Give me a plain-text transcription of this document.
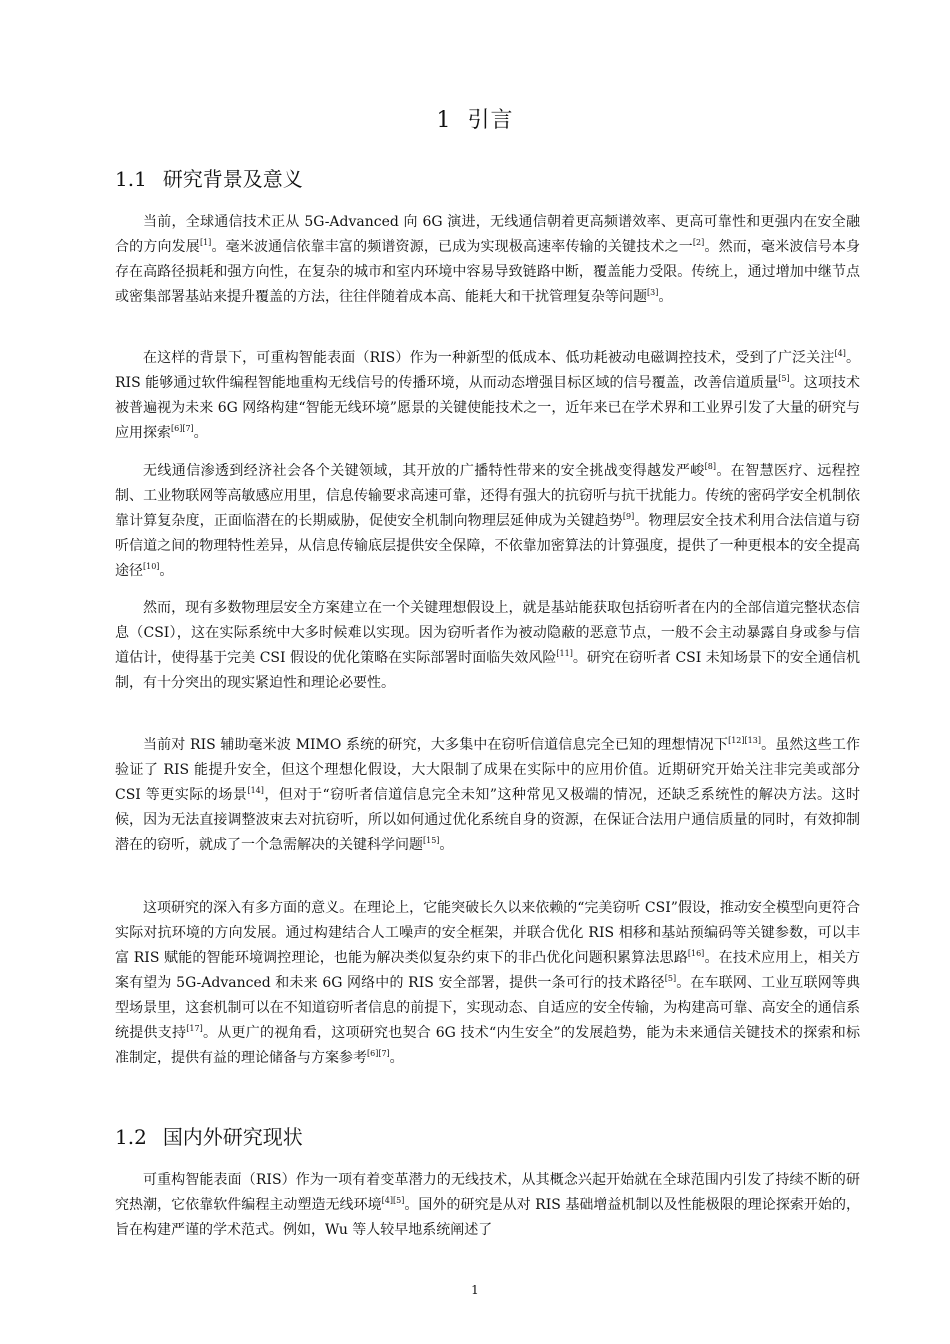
1 引言
1.1 研究背景及意义

当前，全球通信技术正从 5G-Advanced 向 6G 演进，无线通信朝着更高频谱效率、更高可靠性和更强内在安全融合的方向发展[1]。毫米波通信依靠丰富的频谱资源，已成为实现极高速率传输的关键技术之一[2]。然而，毫米波信号本身存在高路径损耗和强方向性，在复杂的城市和室内环境中容易导致链路中断，覆盖能力受限。传统上，通过增加中继节点或密集部署基站来提升覆盖的方法，往往伴随着成本高、能耗大和干扰管理复杂等问题[3]。

在这样的背景下，可重构智能表面（RIS）作为一种新型的低成本、低功耗被动电磁调控技术，受到了广泛关注[4]。RIS 能够通过软件编程智能地重构无线信号的传播环境，从而动态增强目标区域的信号覆盖，改善信道质量[5]。这项技术被普遍视为未来 6G 网络构建“智能无线环境”愿景的关键使能技术之一，近年来已在学术界和工业界引发了大量的研究与应用探索[6][7]。

无线通信渗透到经济社会各个关键领域，其开放的广播特性带来的安全挑战变得越发严峻[8]。在智慧医疗、远程控制、工业物联网等高敏感应用里，信息传输要求高速可靠，还得有强大的抗窃听与抗干扰能力。传统的密码学安全机制依靠计算复杂度，正面临潜在的长期威胁，促使安全机制向物理层延伸成为关键趋势[9]。物理层安全技术利用合法信道与窃听信道之间的物理特性差异，从信息传输底层提供安全保障，不依靠加密算法的计算强度，提供了一种更根本的安全提高途径[10]。

然而，现有多数物理层安全方案建立在一个关键理想假设上，就是基站能获取包括窃听者在内的全部信道完整状态信息（CSI），这在实际系统中大多时候难以实现。因为窃听者作为被动隐蔽的恶意节点，一般不会主动暴露自身或参与信道估计，使得基于完美 CSI 假设的优化策略在实际部署时面临失效风险[11]。研究在窃听者 CSI 未知场景下的安全通信机制，有十分突出的现实紧迫性和理论必要性。

当前对 RIS 辅助毫米波 MIMO 系统的研究，大多集中在窃听信道信息完全已知的理想情况下[12][13]。虽然这些工作验证了 RIS 能提升安全，但这个理想化假设，大大限制了成果在实际中的应用价值。近期研究开始关注非完美或部分 CSI 等更实际的场景[14]，但对于“窃听者信道信息完全未知”这种常见又极端的情况，还缺乏系统性的解决方法。这时候，因为无法直接调整波束去对抗窃听，所以如何通过优化系统自身的资源，在保证合法用户通信质量的同时，有效抑制潜在的窃听，就成了一个急需解决的关键科学问题[15]。

这项研究的深入有多方面的意义。在理论上，它能突破长久以来依赖的“完美窃听 CSI”假设，推动安全模型向更符合实际对抗环境的方向发展。通过构建结合人工噪声的安全框架，并联合优化 RIS 相移和基站预编码等关键参数，可以丰富 RIS 赋能的智能环境调控理论，也能为解决类似复杂约束下的非凸优化问题积累算法思路[16]。在技术应用上，相关方案有望为 5G-Advanced 和未来 6G 网络中的 RIS 安全部署，提供一条可行的技术路径[5]。在车联网、工业互联网等典型场景里，这套机制可以在不知道窃听者信息的前提下，实现动态、自适应的安全传输，为构建高可靠、高安全的通信系统提供支持[17]。从更广的视角看，这项研究也契合 6G 技术“内生安全”的发展趋势，能为未来通信关键技术的探索和标准制定，提供有益的理论储备与方案参考[6][7]。

1.2 国内外研究现状

可重构智能表面（RIS）作为一项有着变革潜力的无线技术，从其概念兴起开始就在全球范围内引发了持续不断的研究热潮，它依靠软件编程主动塑造无线环境[4][5]。国外的研究是从对 RIS 基础增益机制以及性能极限的理论探索开始的，旨在构建严谨的学术范式。例如，Wu 等人较早地系统阐述了

1
